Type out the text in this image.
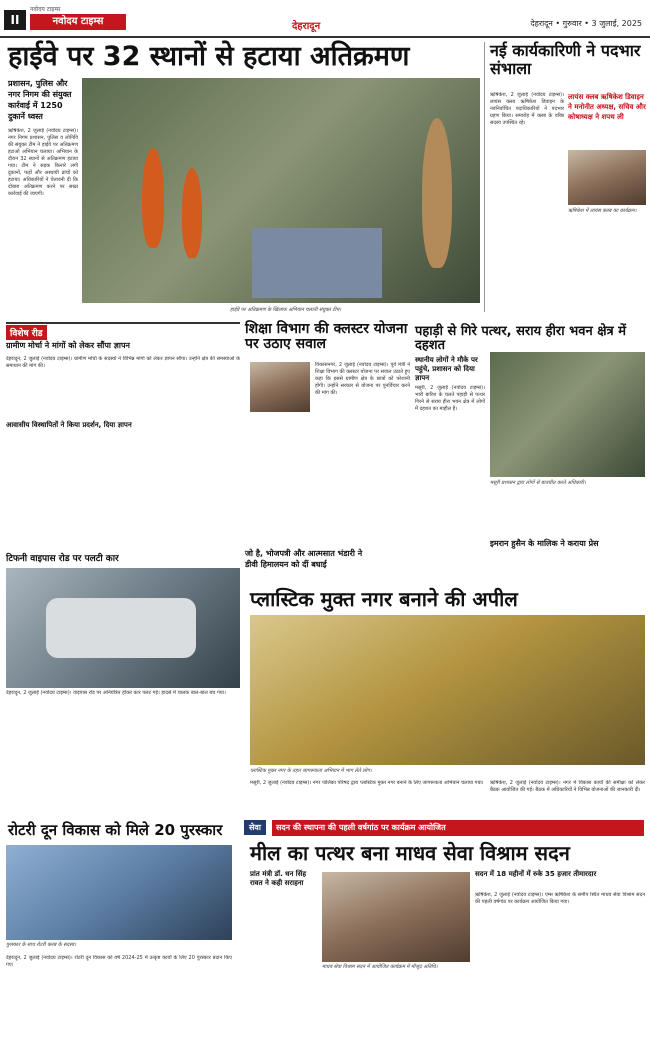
II
नवोदय टाइम्स
नवोदय टाइम्स	देहरादून	देहरादून • गुरुवार • 3 जुलाई, 2025
हाईवे पर 32 स्थानों से हटाया अतिक्रमण
प्रशासन, पुलिस और नगर निगम की संयुक्त कार्रवाई में 1250 दुकानें ध्वस्त
ऋषिकेश, 2 जुलाई (नवोदय टाइम्स)। नगर निगम प्रशासन, पुलिस व लोनिवि की संयुक्त टीम ने हाईवे पर अतिक्रमण हटाओ अभियान चलाया। अभियान के दौरान 32 स्थानों से अतिक्रमण हटाया गया। टीम ने सड़क किनारे लगी दुकानों, फड़ों और अस्थायी ढांचों को हटाया। अधिकारियों ने चेतावनी दी कि दोबारा अतिक्रमण करने पर सख्त कार्रवाई की जाएगी।
हाईवे पर अतिक्रमण के खिलाफ अभियान चलाती संयुक्त टीम।
नई कार्यकारिणी ने पदभार संभाला
लायंस क्लब ऋषिकेश डिवाइन ने मनोनीत अध्यक्ष, सचिव और कोषाध्यक्ष ने शपथ ली
ऋषिकेश, 2 जुलाई (नवोदय टाइम्स)। लायंस क्लब ऋषिकेश डिवाइन के नवनिर्वाचित पदाधिकारियों ने पदभार ग्रहण किया। समारोह में क्लब के वरिष्ठ सदस्य उपस्थित रहे।
ऋषिकेश में लायंस क्लब का कार्यक्रम।
विशेष रीड
ग्रामीण मोर्चा ने मांगों को लेकर सौंपा ज्ञापन
देहरादून, 2 जुलाई (नवोदय टाइम्स)। ग्रामीण मोर्चा के सदस्यों ने विभिन्न मांगों को लेकर ज्ञापन सौंपा। उन्होंने क्षेत्र की समस्याओं के समाधान की मांग की।
आवासीय विस्थापितों ने किया प्रदर्शन, दिया ज्ञापन
शिक्षा विभाग की क्लस्टर योजना पर उठाए सवाल
विकासनगर, 2 जुलाई (नवोदय टाइम्स)। पूर्व मंत्री ने शिक्षा विभाग की क्लस्टर योजना पर सवाल उठाते हुए कहा कि इससे ग्रामीण क्षेत्र के छात्रों को परेशानी होगी। उन्होंने सरकार से योजना पर पुनर्विचार करने की मांग की।
पहाड़ी से गिरे पत्थर, सराय हीरा भवन क्षेत्र में दहशत
स्थानीय लोगों ने मौके पर पहुंचे, प्रशासन को दिया ज्ञापन
मसूरी, 2 जुलाई (नवोदय टाइम्स)। भारी बारिश के चलते पहाड़ी से पत्थर गिरने से सराय हीरा भवन क्षेत्र में लोगों में दहशत का माहौल है।
मसूरी प्रशासन द्वारा लोगों से बातचीत करते अधिकारी।
टिफनी वाइपास रोड पर पलटी कार
देहरादून, 2 जुलाई (नवोदय टाइम्स)। वाइपास रोड पर अनियंत्रित होकर कार पलट गई। हादसे में चालक बाल-बाल बच गया।
जो है, भोजपत्री और आत्मसात भंडारी ने डीवी हिमालयन को दीं बधाई
प्लास्टिक मुक्त नगर बनाने की अपील
प्लास्टिक मुक्त नगर के तहत जागरूकता अभियान में भाग लेते लोग।
मसूरी, 2 जुलाई (नवोदय टाइम्स)। नगर पालिका परिषद द्वारा प्लास्टिक मुक्त नगर बनाने के लिए जागरूकता अभियान चलाया गया।
इमरान हुसैन के मालिक ने कराया प्रेस
ऋषिकेश, 2 जुलाई (नवोदय टाइम्स)। नगर में विकास कार्यों की समीक्षा को लेकर बैठक आयोजित की गई। बैठक में अधिकारियों ने विभिन्न योजनाओं की जानकारी दी।
रोटरी दून विकास को मिले 20 पुरस्कार
पुरस्कार के साथ रोटरी क्लब के सदस्य।
देहरादून, 2 जुलाई (नवोदय टाइम्स)। रोटरी दून विकास को वर्ष 2024-25 में उत्कृष्ट कार्यों के लिए 20 पुरस्कार प्रदान किए गए।
सेवा	सदन की स्थापना की पहली वर्षगांठ पर कार्यक्रम आयोजित
मील का पत्थर बना माधव सेवा विश्राम सदन
प्रांत मंत्री डॉ. धन सिंह रावत ने कही सराहना
माधव सेवा विश्राम सदन में आयोजित कार्यक्रम में मौजूद अतिथि।
सदन में 18 महीनों में रुके 35 हजार तीमारदार
ऋषिकेश, 2 जुलाई (नवोदय टाइम्स)। एम्स ऋषिकेश के समीप स्थित माधव सेवा विश्राम सदन की पहली वर्षगांठ पर कार्यक्रम आयोजित किया गया।
